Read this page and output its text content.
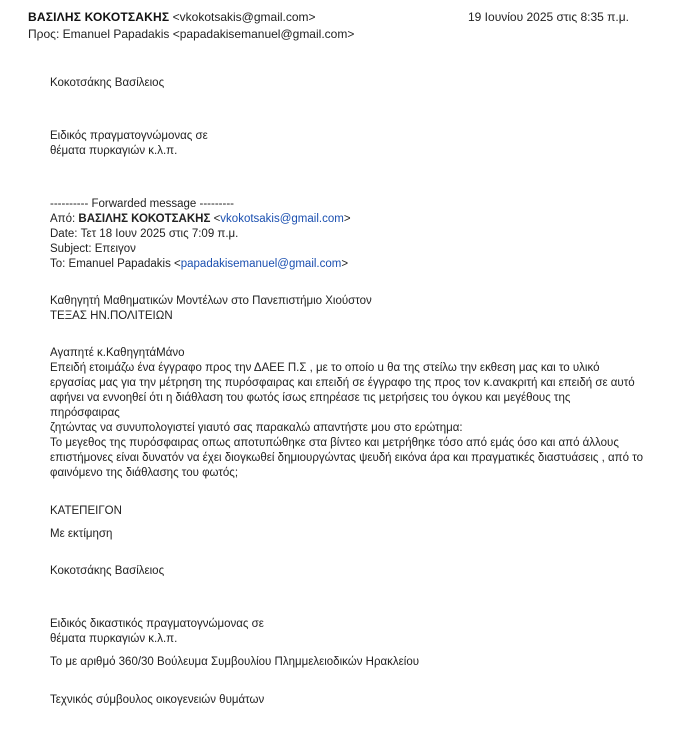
ΒΑΣΙΛΗΣ ΚΟΚΟΤΣΑΚΗΣ <vkokotsakis@gmail.com>	19 Ιουνίου 2025 στις 8:35 π.μ.
Προς: Emanuel Papadakis <papadakisemanuel@gmail.com>

Κοκοτσάκης Βασίλειος

Ειδικός πραγματογνώμονας σε

θέματα πυρκαγιών κ.λ.π.

---------- Forwarded message ---------

Από: ΒΑΣΙΛΗΣ ΚΟΚΟΤΣΑΚΗΣ <vkokotsakis@gmail.com>

Date: Τετ 18 Ιουν 2025 στις 7:09 π.μ.

Subject: Επειγον

To: Emanuel Papadakis <papadakisemanuel@gmail.com>

Καθηγητή Μαθηματικών Μοντέλων στο Πανεπιστήμιο Χιούστον

ΤΕΞΑΣ ΗΝ.ΠΟΛΙΤΕΙΩΝ

Αγαπητέ κ.ΚαθηγητάΜάνο

Επειδή ετοιμάζω ένα έγγραφο προς την ΔΑΕΕ Π.Σ , με το οποίο u θα της στείλω την εκθεση μας και το υλικό

εργασίας μας για την μέτρηση της πυρόσφαιρας και επειδή σε έγγραφο της προς τον κ.ανακριτή και επειδή σε αυτό

αφήνει να εννοηθεί ότι η διάθλαση του φωτός ίσως επηρέασε τις μετρήσεις του όγκου και μεγέθους της πηρόσφαιρας

ζητώντας να συνυπολογιστεί γιαυτό σας παρακαλώ απαντήστε μου στο ερώτημα:

Το μεγεθος της πυρόσφαιρας οπως αποτυπώθηκε στα βίντεο και μετρήθηκε τόσο από εμάς όσο και από άλλους

επιστήμονες είναι δυνατόν να έχει διογκωθεί δημιουργώντας ψευδή εικόνα άρα και πραγματικές διαστυάσεις , από το

φαινόμενο της διάθλασης του φωτός;

ΚΑΤΕΠΕΙΓΟΝ

Με εκτίμηση

Κοκοτσάκης Βασίλειος

Ειδικός δικαστικός πραγματογνώμονας σε

θέματα πυρκαγιών κ.λ.π.

Το με αριθμό 360/30 Βούλευμα Συμβουλίου Πλημμελειοδικών Ηρακλείου

Τεχνικός σύμβουλος οικογενειών θυμάτων
